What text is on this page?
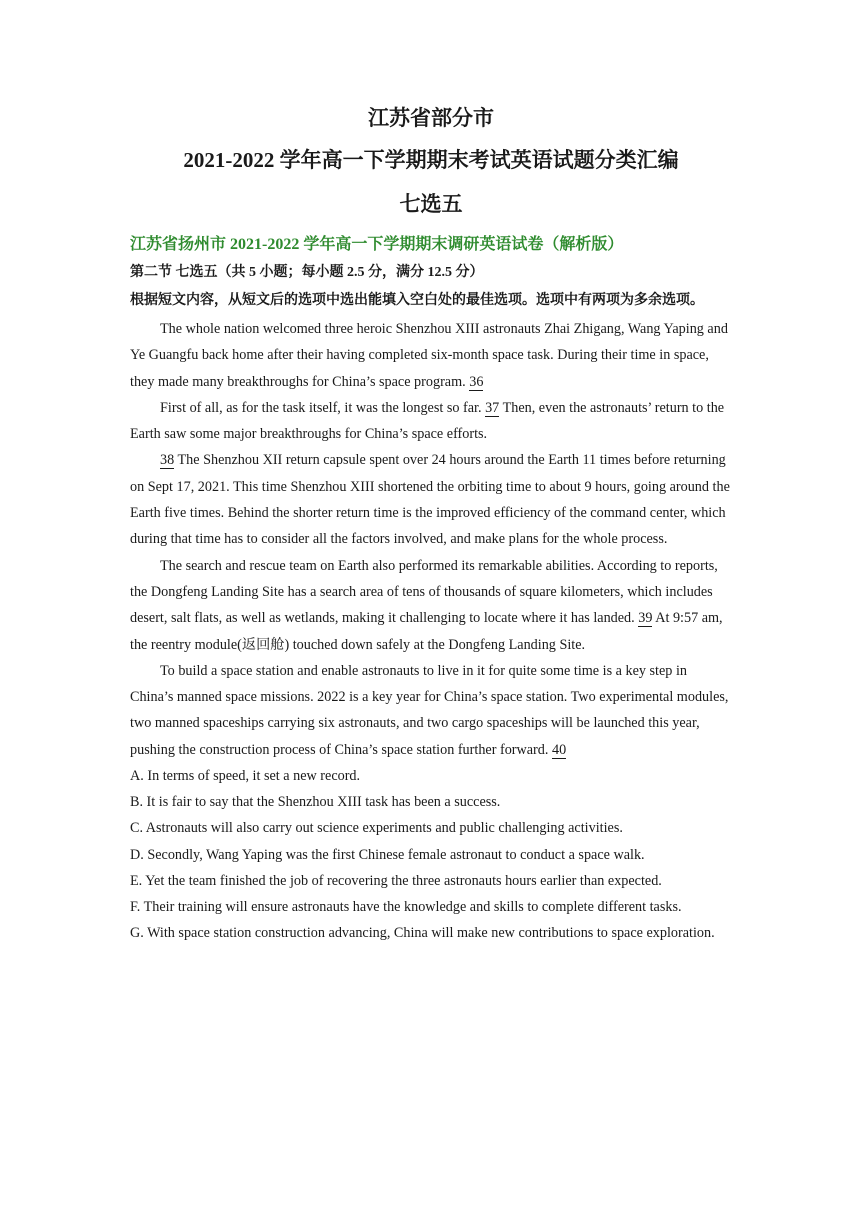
江苏省部分市
2021-2022 学年高一下学期期末考试英语试题分类汇编
七选五
江苏省扬州市 2021-2022 学年高一下学期期末调研英语试卷（解析版）
第二节 七选五（共 5 小题；每小题 2.5 分，满分 12.5 分）
根据短文内容，从短文后的选项中选出能填入空白处的最佳选项。选项中有两项为多余选项。

The whole nation welcomed three heroic Shenzhou XIII astronauts Zhai Zhigang, Wang Yaping and Ye Guangfu back home after their having completed six-month space task. During their time in space, they made many breakthroughs for China’s space program. 36

First of all, as for the task itself, it was the longest so far. 37 Then, even the astronauts’ return to the Earth saw some major breakthroughs for China’s space efforts.

38 The Shenzhou XII return capsule spent over 24 hours around the Earth 11 times before returning on Sept 17, 2021. This time Shenzhou XIII shortened the orbiting time to about 9 hours, going around the Earth five times. Behind the shorter return time is the improved efficiency of the command center, which during that time has to consider all the factors involved, and make plans for the whole process.

The search and rescue team on Earth also performed its remarkable abilities. According to reports, the Dongfeng Landing Site has a search area of tens of thousands of square kilometers, which includes desert, salt flats, as well as wetlands, making it challenging to locate where it has landed. 39 At 9:57 am, the reentry module(返回舱) touched down safely at the Dongfeng Landing Site.

To build a space station and enable astronauts to live in it for quite some time is a key step in China’s manned space missions. 2022 is a key year for China’s space station. Two experimental modules, two manned spaceships carrying six astronauts, and two cargo spaceships will be launched this year, pushing the construction process of China’s space station further forward. 40

A. In terms of speed, it set a new record.

B. It is fair to say that the Shenzhou XIII task has been a success.

C. Astronauts will also carry out science experiments and public challenging activities.

D. Secondly, Wang Yaping was the first Chinese female astronaut to conduct a space walk.

E. Yet the team finished the job of recovering the three astronauts hours earlier than expected.

F. Their training will ensure astronauts have the knowledge and skills to complete different tasks.

G. With space station construction advancing, China will make new contributions to space exploration.
